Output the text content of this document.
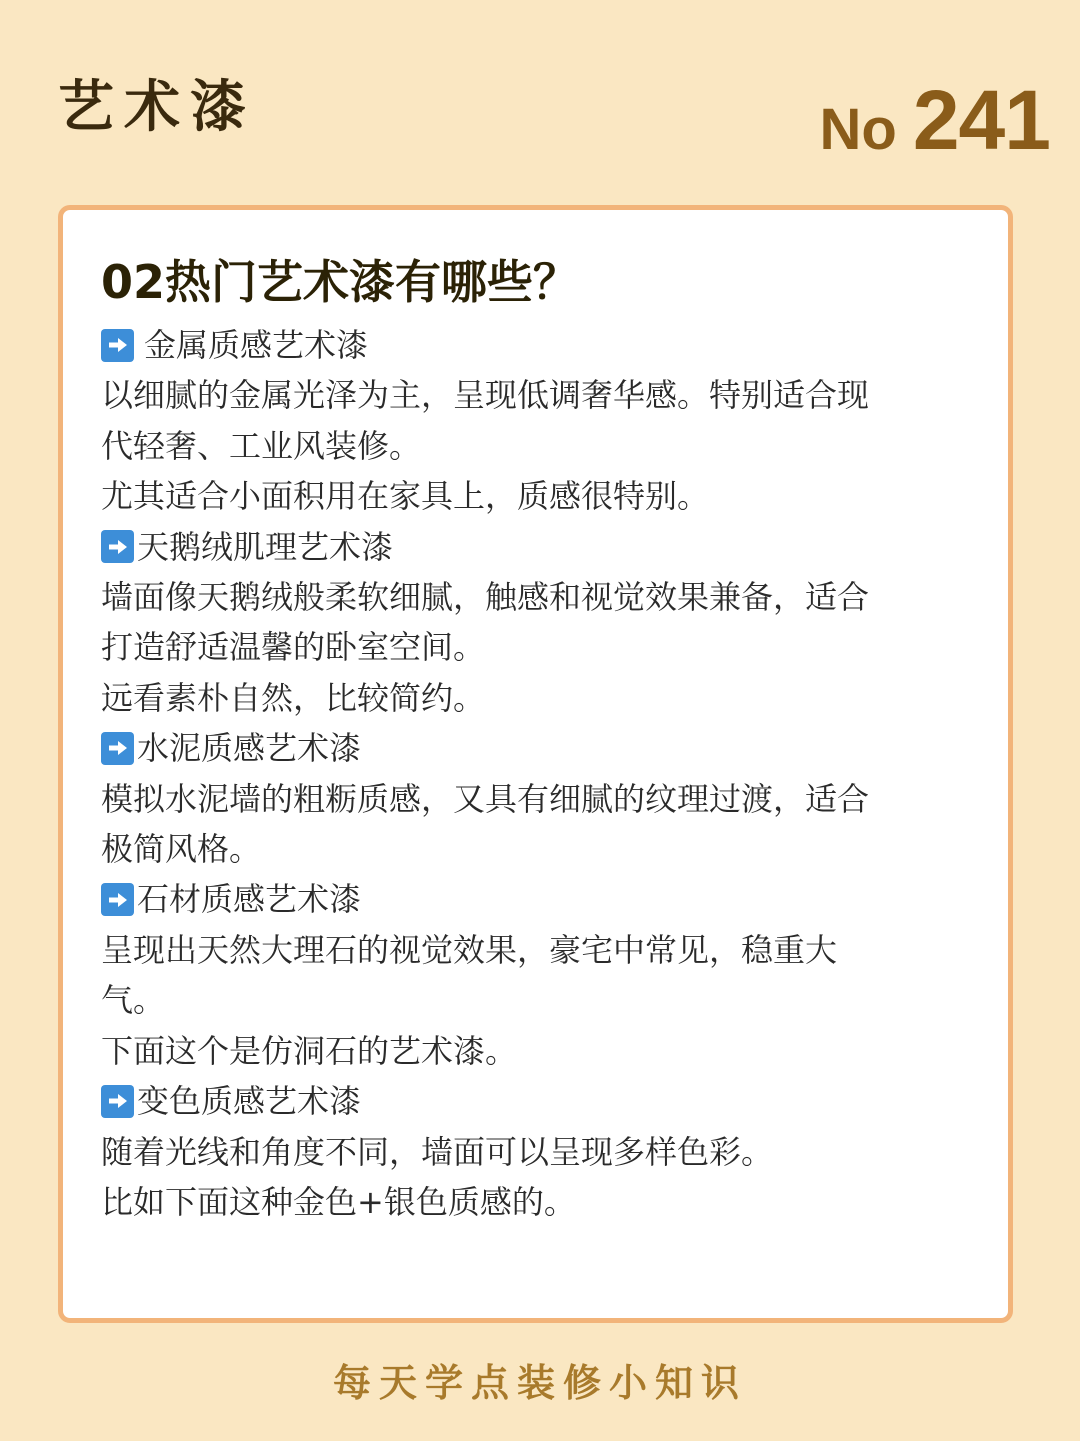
艺术漆	No 241
02热门艺术漆有哪些？
金属质感艺术漆
以细腻的金属光泽为主，呈现低调奢华感。特别适合现
代轻奢、工业风装修。
尤其适合小面积用在家具上，质感很特别。
天鹅绒肌理艺术漆
墙面像天鹅绒般柔软细腻，触感和视觉效果兼备，适合
打造舒适温馨的卧室空间。
远看素朴自然，比较简约。
水泥质感艺术漆
模拟水泥墙的粗粝质感，又具有细腻的纹理过渡，适合
极简风格。
石材质感艺术漆
呈现出天然大理石的视觉效果，豪宅中常见，稳重大
气。
下面这个是仿洞石的艺术漆。
变色质感艺术漆
随着光线和角度不同，墙面可以呈现多样色彩。
比如下面这种金色+银色质感的。
每天学点装修小知识
